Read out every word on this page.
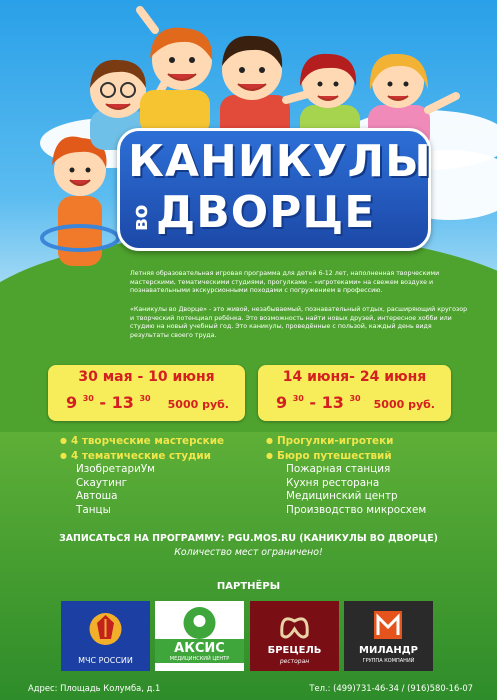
КАНИКУЛЫ
во ДВОРЦЕ
Летняя образовательная игровая программа для детей 6-12 лет, наполненная творческими мастерскими, тематическими студиями, прогулками – «игротеками» на свежем воздухе и познавательными экскурсионными походами с погружением в профессию.
«Каникулы во Дворце» - это живой, незабываемый, познавательный отдых, расширяющий кругозор и творческий потенциал ребёнка. Это возможность найти новых друзей, интересное хобби или студию на новый учебный год. Это каникулы, проведённые с пользой, каждый день видя результаты своего труда.
30 мая - 10 июня
9 $^{30}$ - 13 $^{30}$ 5000 руб.
14 июня- 24 июня
9 $^{30}$ - 13 $^{30}$ 5000 руб.
● 4 творческие мастерские
● 4 тематические студии
ИзобретариУм
Скаутинг
Автоша
Танцы
● Прогулки-игротеки
● Бюро путешествий
Пожарная станция
Кухня ресторана
Медицинский центр
Производство микросхем
ЗАПИСАТЬСЯ НА ПРОГРАММУ: PGU.MOS.RU (КАНИКУЛЫ ВО ДВОРЦЕ)
Количество мест ограничено!
ПАРТНЁРЫ
МЧС РОССИИ
АКСИС
МЕДИЦИНСКИЙ ЦЕНТР
БРЕЦЕЛЬ
ресторан
МИЛАНДР
ГРУППА КОМПАНИЙ
Адрес: Площадь Колумба, д.1	Тел.: (499)731-46-34 / (916)580-16-07
